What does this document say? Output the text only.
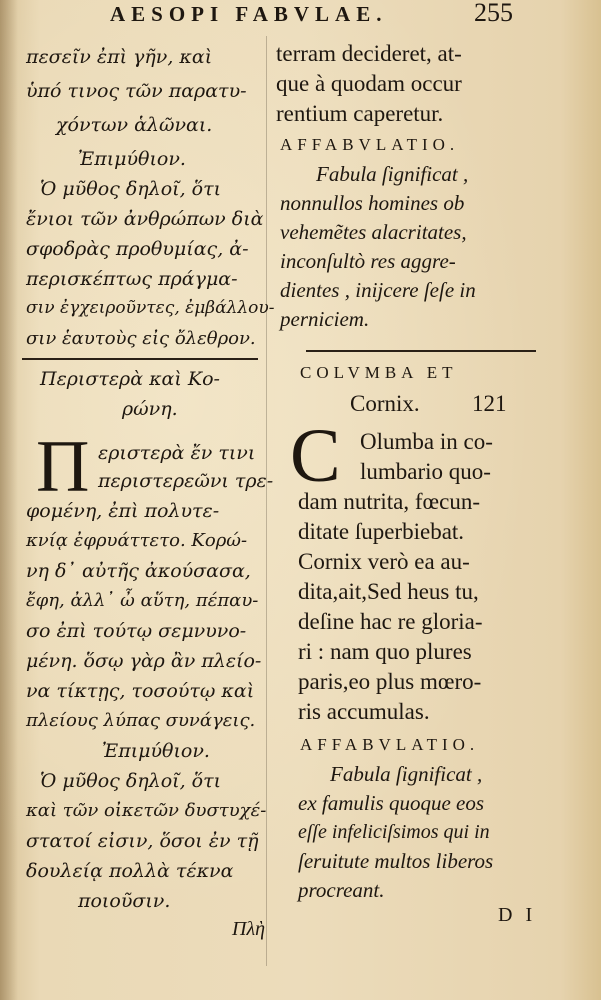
AESOPI FABVLAE.	255
πεσεῖν ἐπὶ γῆν, καὶ
ὑπό τινος τῶν παρατυ-
χόντων ἁλῶναι.
Ἐπιμύθιον.
Ὁ μῦθος δηλοῖ, ὅτι
ἔνιοι τῶν ἀνθρώπων διὰ
σφοδρὰς προθυμίας, ἀ-
περισκέπτως πράγμα-
σιν ἐγχειροῦντες, ἐμβάλλου-
σιν ἑαυτοὺς εἰς ὄλεθρον.
Περιστερὰ καὶ Κο-
ρώνη.
Π εριστερὰ ἔν τινι
περιστερεῶνι τρε-
φομένη, ἐπὶ πολυτε-
κνίᾳ ἐφρυάττετο. Κορώ-
νη δ᾽ αὐτῆς ἀκούσασα,
ἔφη, ἀλλ᾽ ὦ αὕτη, πέπαυ-
σο ἐπὶ τούτῳ σεμνυνο-
μένη. ὅσῳ γὰρ ἂν πλείο-
να τίκτῃς, τοσούτῳ καὶ
πλείους λύπας συνάγεις.
Ἐπιμύθιον.
Ὁ μῦθος δηλοῖ, ὅτι
καὶ τῶν οἰκετῶν δυστυχέ-
στατοί εἰσιν, ὅσοι ἐν τῇ
δουλείᾳ πολλὰ τέκνα
ποιοῦσιν.
Πλὴ
terram decideret, at-
que à quodam occur
rentium caperetur.
AFFABVLATIO.
Fabula ſignificat ,
nonnullos homines ob
vehemẽtes alacritates,
inconſultò res aggre-
dientes , inijcere ſeſe in
perniciem.
COLVMBA ET
Cornix. 121
C Olumba in co-
lumbario quo-
dam nutrita, fœcun-
ditate ſuperbiebat.
Cornix verò ea au-
dita,ait,Sed heus tu,
deſine hac re gloria-
ri : nam quo plures
paris,eo plus mœro-
ris accumulas.
AFFABVLATIO.
Fabula ſignificat ,
ex famulis quoque eos
eſſe infeliciſsimos qui in
ſeruitute multos liberos
procreant.
D I
